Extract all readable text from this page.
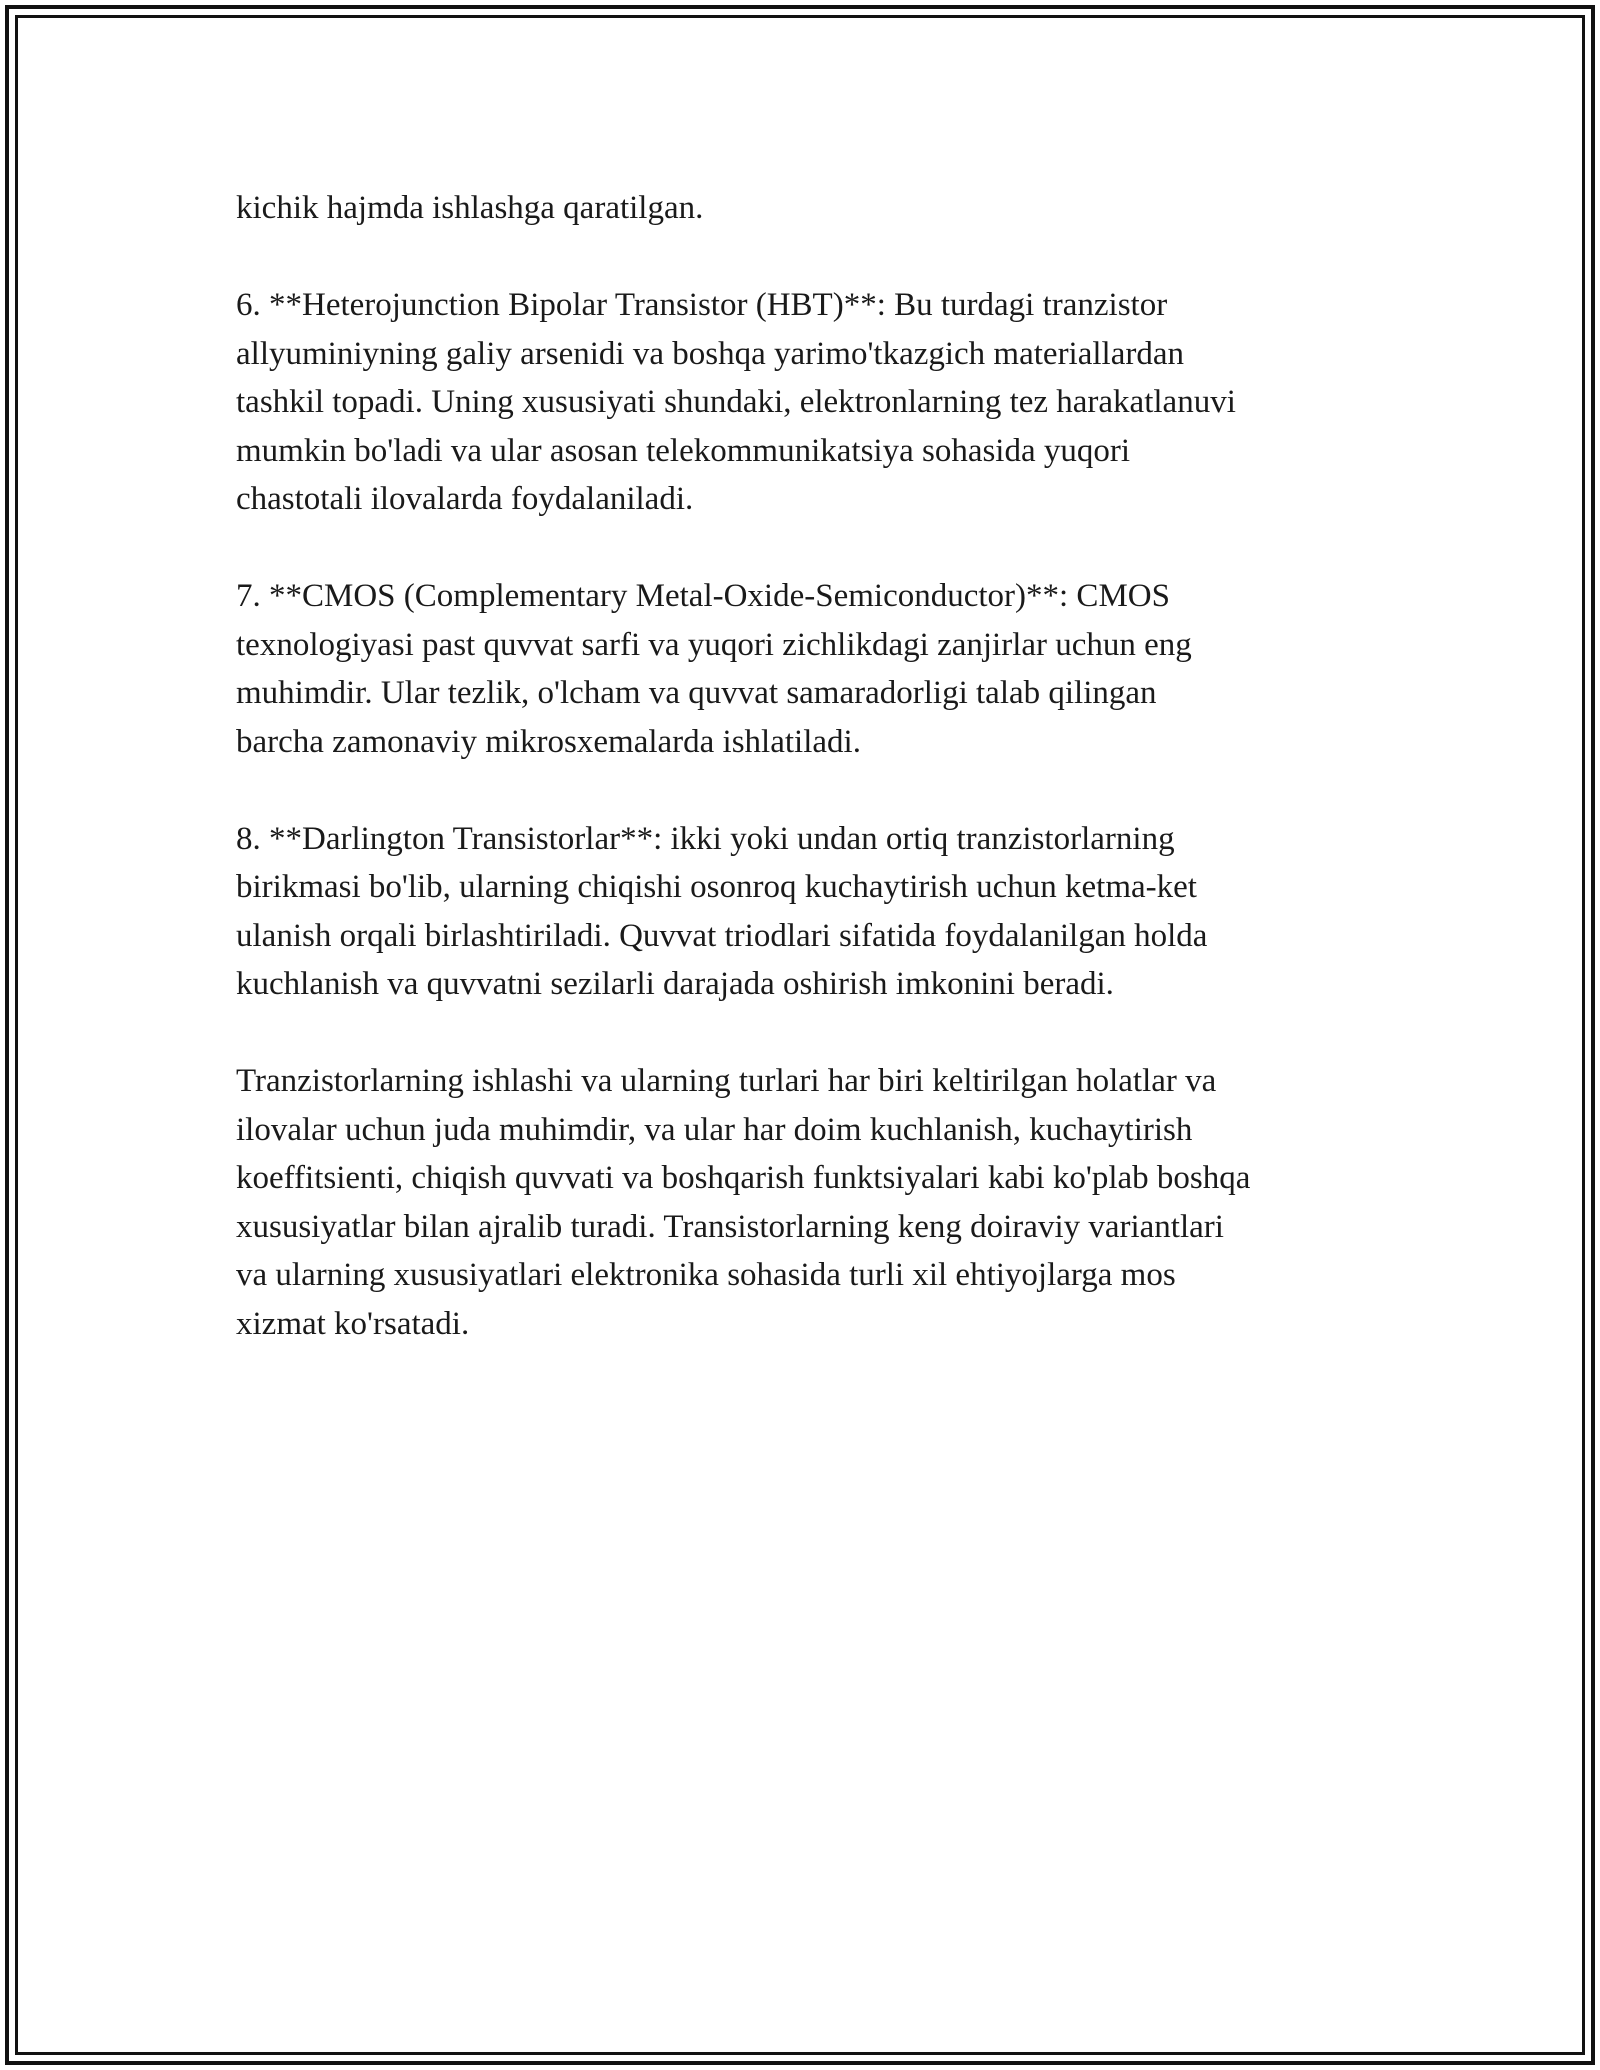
kichik hajmda ishlashga qaratilgan.

6. **Heterojunction Bipolar Transistor (HBT)**: Bu turdagi tranzistor
allyuminiyning galiy arsenidi va boshqa yarimo'tkazgich materiallardan
tashkil topadi. Uning xususiyati shundaki, elektronlarning tez harakatlanuvi
mumkin bo'ladi va ular asosan telekommunikatsiya sohasida yuqori
chastotali ilovalarda foydalaniladi.

7. **CMOS (Complementary Metal-Oxide-Semiconductor)**: CMOS
texnologiyasi past quvvat sarfi va yuqori zichlikdagi zanjirlar uchun eng
muhimdir. Ular tezlik, o'lcham va quvvat samaradorligi talab qilingan
barcha zamonaviy mikrosxemalarda ishlatiladi.

8. **Darlington Transistorlar**: ikki yoki undan ortiq tranzistorlarning
birikmasi bo'lib, ularning chiqishi osonroq kuchaytirish uchun ketma-ket
ulanish orqali birlashtiriladi. Quvvat triodlari sifatida foydalanilgan holda
kuchlanish va quvvatni sezilarli darajada oshirish imkonini beradi.

Tranzistorlarning ishlashi va ularning turlari har biri keltirilgan holatlar va
ilovalar uchun juda muhimdir, va ular har doim kuchlanish, kuchaytirish
koeffitsienti, chiqish quvvati va boshqarish funktsiyalari kabi ko'plab boshqa
xususiyatlar bilan ajralib turadi. Transistorlarning keng doiraviy variantlari
va ularning xususiyatlari elektronika sohasida turli xil ehtiyojlarga mos
xizmat ko'rsatadi.
